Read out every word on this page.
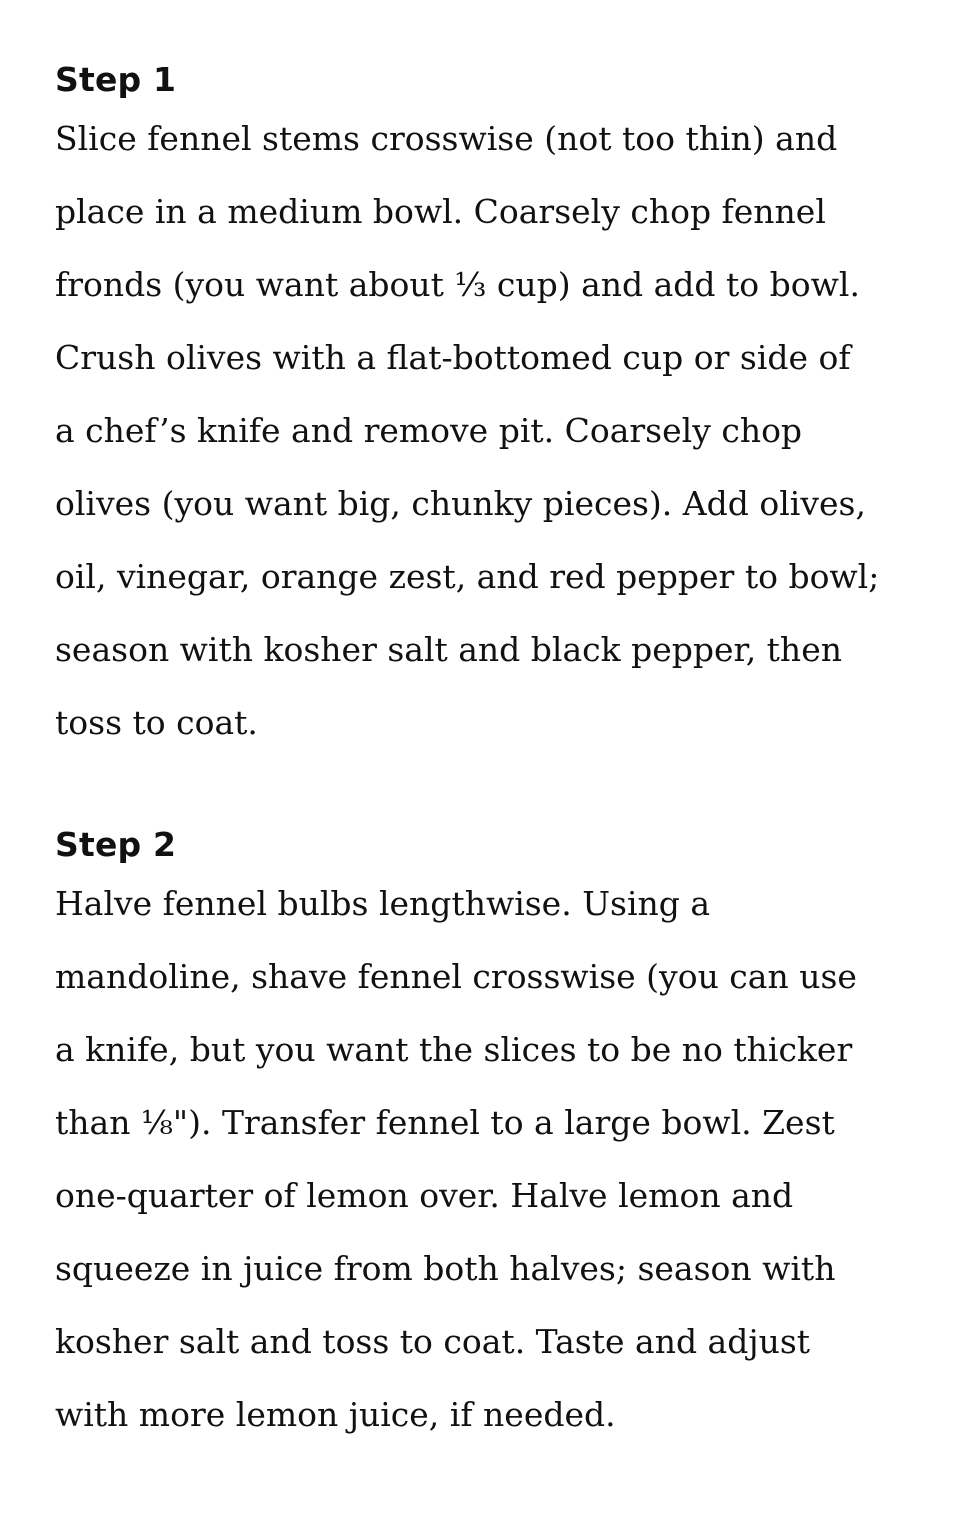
Step 1

Slice fennel stems crosswise (not too thin) and
place in a medium bowl. Coarsely chop fennel
fronds (you want about ⅓ cup) and add to bowl.
Crush olives with a flat-bottomed cup or side of
a chef’s knife and remove pit. Coarsely chop
olives (you want big, chunky pieces). Add olives,
oil, vinegar, orange zest, and red pepper to bowl;
season with kosher salt and black pepper, then
toss to coat.

Step 2

Halve fennel bulbs lengthwise. Using a
mandoline, shave fennel crosswise (you can use
a knife, but you want the slices to be no thicker
than ⅛"). Transfer fennel to a large bowl. Zest
one-quarter of lemon over. Halve lemon and
squeeze in juice from both halves; season with
kosher salt and toss to coat. Taste and adjust
with more lemon juice, if needed.
